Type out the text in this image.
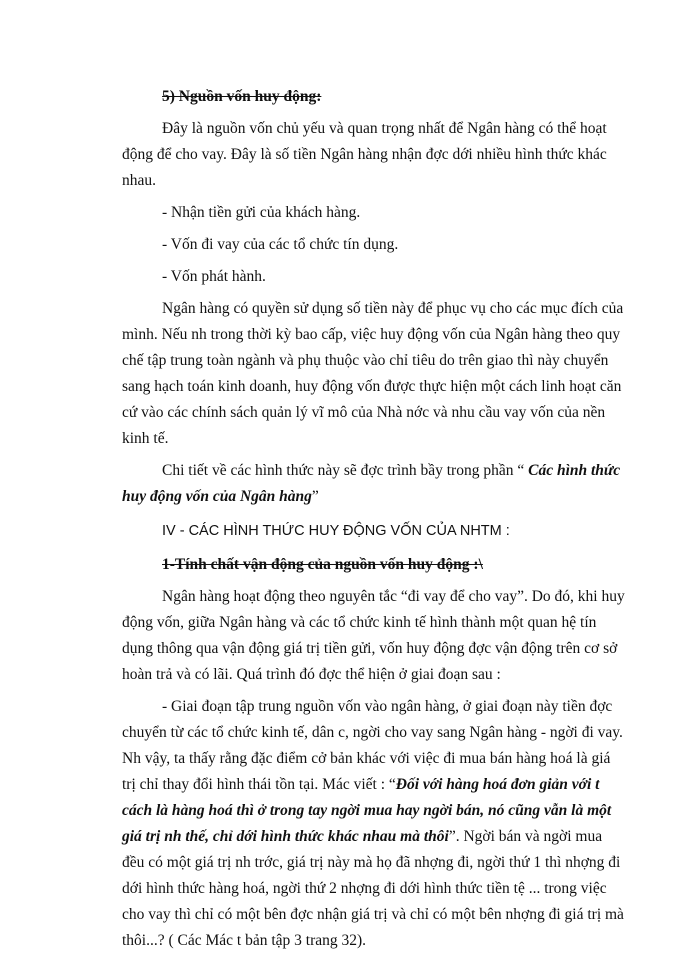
5) Nguồn vốn huy động:

Đây là nguồn vốn chủ yếu và quan trọng nhất để Ngân hàng có thể hoạt động để cho vay. Đây là số tiền Ngân hàng nhận đợc dới nhiều hình thức khác nhau.

- Nhận tiền gửi của khách hàng.

- Vốn đi vay của các tổ chức tín dụng.

- Vốn phát hành.

Ngân hàng có quyền sử dụng số tiền này để phục vụ cho các mục đích của mình. Nếu nh trong thời kỳ bao cấp, việc huy động vốn của Ngân hàng theo quy chế tập trung toàn ngành và phụ thuộc vào chỉ tiêu do trên giao thì này chuyển sang hạch toán kinh doanh, huy động vốn được thực hiện một cách linh hoạt căn cứ vào các chính sách quản lý vĩ mô của Nhà nớc và nhu cầu vay vốn của nền kinh tế.

Chi tiết về các hình thức này sẽ đợc trình bầy trong phần “ Các hình thức huy động vốn của Ngân hàng”

IV - CÁC HÌNH THỨC HUY ĐỘNG VỐN CỦA NHTM :

1-Tính chất vận động của nguồn vốn huy động :\

Ngân hàng hoạt động theo nguyên tắc “đi vay để cho vay”. Do đó, khi huy động vốn, giữa Ngân hàng và các tổ chức kinh tế hình thành một quan hệ tín dụng thông qua vận động giá trị tiền gửi, vốn huy động đợc vận động trên cơ sở hoàn trả và có lãi. Quá trình đó đợc thể hiện ở giai đoạn sau :

- Giai đoạn tập trung nguồn vốn vào ngân hàng, ở giai đoạn này tiền đợc chuyển từ các tổ chức kinh tế, dân c, ngời cho vay sang Ngân hàng - ngời đi vay. Nh vậy, ta thấy rằng đặc điểm cở bản khác với việc đi mua bán hàng hoá là giá trị chỉ thay đổi hình thái tồn tại. Mác viết : “Đối với hàng hoá đơn giản với t cách là hàng hoá thì ở trong tay ngời mua hay ngời bán, nó cũng vẫn là một giá trị nh thế, chỉ dới hình thức khác nhau mà thôi”. Ngời bán và ngời mua đều có một giá trị nh trớc, giá trị này mà họ đã nhợng đi, ngời thứ 1 thì nhợng đi dới hình thức hàng hoá, ngời thứ 2 nhợng đi dới hình thức tiền tệ ... trong việc cho vay thì chỉ có một bên đợc nhận giá trị và chỉ có một bên nhợng đi giá trị mà thôi...? ( Các Mác t bản tập 3 trang 32).
